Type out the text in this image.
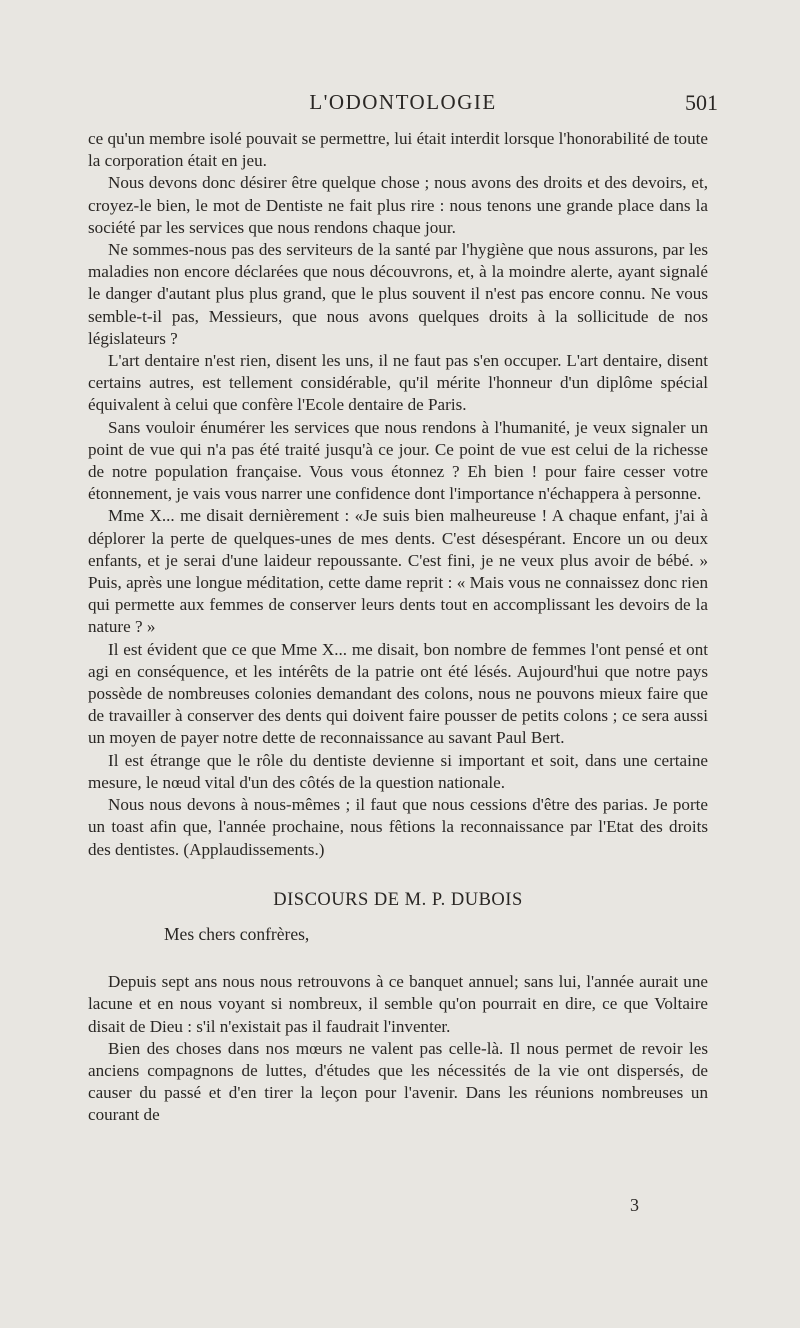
L'ODONTOLOGIE	501

ce qu'un membre isolé pouvait se permettre, lui était interdit lorsque l'honorabilité de toute la corporation était en jeu.

Nous devons donc désirer être quelque chose ; nous avons des droits et des devoirs, et, croyez-le bien, le mot de Dentiste ne fait plus rire : nous tenons une grande place dans la société par les services que nous rendons chaque jour.

Ne sommes-nous pas des serviteurs de la santé par l'hygiène que nous assurons, par les maladies non encore déclarées que nous découvrons, et, à la moindre alerte, ayant signalé le danger d'autant plus plus grand, que le plus souvent il n'est pas encore connu. Ne vous semble-t-il pas, Messieurs, que nous avons quelques droits à la sollicitude de nos législateurs ?

L'art dentaire n'est rien, disent les uns, il ne faut pas s'en occuper. L'art dentaire, disent certains autres, est tellement considérable, qu'il mérite l'honneur d'un diplôme spécial équivalent à celui que confère l'Ecole dentaire de Paris.

Sans vouloir énumérer les services que nous rendons à l'humanité, je veux signaler un point de vue qui n'a pas été traité jusqu'à ce jour. Ce point de vue est celui de la richesse de notre population française. Vous vous étonnez ? Eh bien ! pour faire cesser votre étonnement, je vais vous narrer une confidence dont l'importance n'échappera à personne.

Mme X... me disait dernièrement : «Je suis bien malheureuse ! A chaque enfant, j'ai à déplorer la perte de quelques-unes de mes dents. C'est désespérant. Encore un ou deux enfants, et je serai d'une laideur repoussante. C'est fini, je ne veux plus avoir de bébé. » Puis, après une longue méditation, cette dame reprit : « Mais vous ne connaissez donc rien qui permette aux femmes de conserver leurs dents tout en accomplissant les devoirs de la nature ? »

Il est évident que ce que Mme X... me disait, bon nombre de femmes l'ont pensé et ont agi en conséquence, et les intérêts de la patrie ont été lésés. Aujourd'hui que notre pays possède de nombreuses colonies demandant des colons, nous ne pouvons mieux faire que de travailler à conserver des dents qui doivent faire pousser de petits colons ; ce sera aussi un moyen de payer notre dette de reconnaissance au savant Paul Bert.

Il est étrange que le rôle du dentiste devienne si important et soit, dans une certaine mesure, le nœud vital d'un des côtés de la question nationale.

Nous nous devons à nous-mêmes ; il faut que nous cessions d'être des parias. Je porte un toast afin que, l'année prochaine, nous fêtions la reconnaissance par l'Etat des droits des dentistes. (Applaudissements.)

DISCOURS DE M. P. DUBOIS
Mes chers confrères,

Depuis sept ans nous nous retrouvons à ce banquet annuel; sans lui, l'année aurait une lacune et en nous voyant si nombreux, il semble qu'on pourrait en dire, ce que Voltaire disait de Dieu : s'il n'existait pas il faudrait l'inventer.

Bien des choses dans nos mœurs ne valent pas celle-là. Il nous permet de revoir les anciens compagnons de luttes, d'études que les nécessités de la vie ont dispersés, de causer du passé et d'en tirer la leçon pour l'avenir. Dans les réunions nombreuses un courant de

3
